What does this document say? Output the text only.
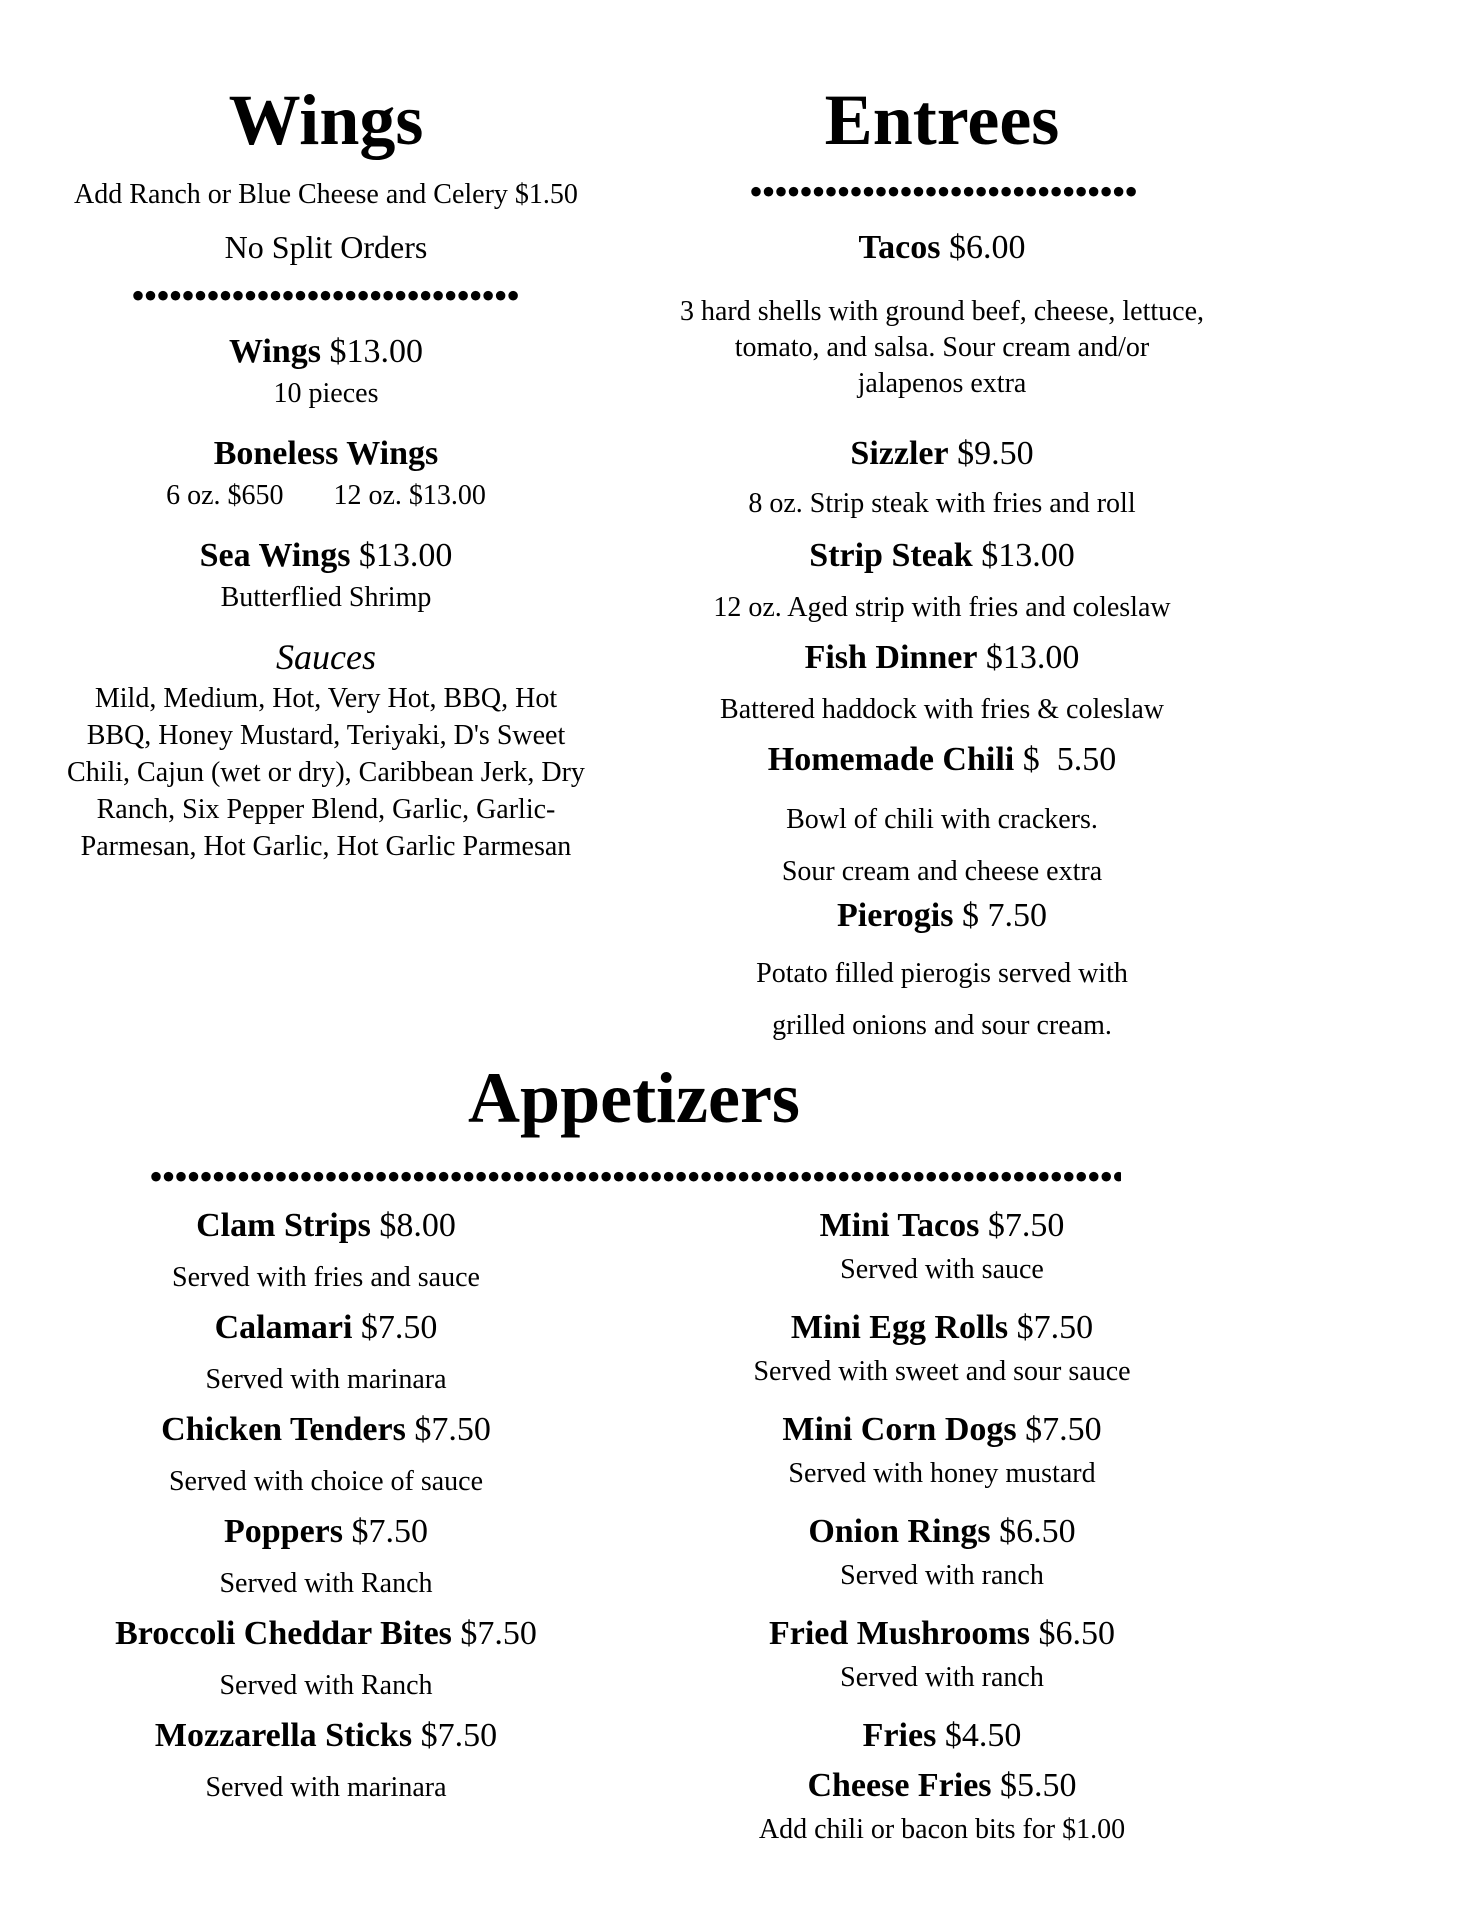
Wings
Add Ranch or Blue Cheese and Celery $1.50
No Split Orders
•••••
Wings $13.00
10 pieces
Boneless Wings
6 oz. $650 12 oz. $13.00
Sea Wings $13.00
Butterflied Shrimp
Sauces
Mild, Medium, Hot, Very Hot, BBQ, Hot
BBQ, Honey Mustard, Teriyaki, D's Sweet
Chili, Cajun (wet or dry), Caribbean Jerk, Dry
Ranch, Six Pepper Blend, Garlic, Garlic-
Parmesan, Hot Garlic, Hot Garlic Parmesan
Entrees
•••••
Tacos $6.00
3 hard shells with ground beef, cheese, lettuce,
tomato, and salsa. Sour cream and/or
jalapenos extra
Sizzler $9.50
8 oz. Strip steak with fries and roll
Strip Steak $13.00
12 oz. Aged strip with fries and coleslaw
Fish Dinner $13.00
Battered haddock with fries & coleslaw
Homemade Chili $  5.50
Bowl of chili with crackers.
Sour cream and cheese extra
Pierogis $ 7.50
Potato filled pierogis served with
grilled onions and sour cream.
Appetizers
•••••
Clam Strips $8.00
Served with fries and sauce
Calamari $7.50
Served with marinara
Chicken Tenders $7.50
Served with choice of sauce
Poppers $7.50
Served with Ranch
Broccoli Cheddar Bites $7.50
Served with Ranch
Mozzarella Sticks $7.50
Served with marinara
Mini Tacos $7.50
Served with sauce
Mini Egg Rolls $7.50
Served with sweet and sour sauce
Mini Corn Dogs $7.50
Served with honey mustard
Onion Rings $6.50
Served with ranch
Fried Mushrooms $6.50
Served with ranch
Fries $4.50
Cheese Fries $5.50
Add chili or bacon bits for $1.00
